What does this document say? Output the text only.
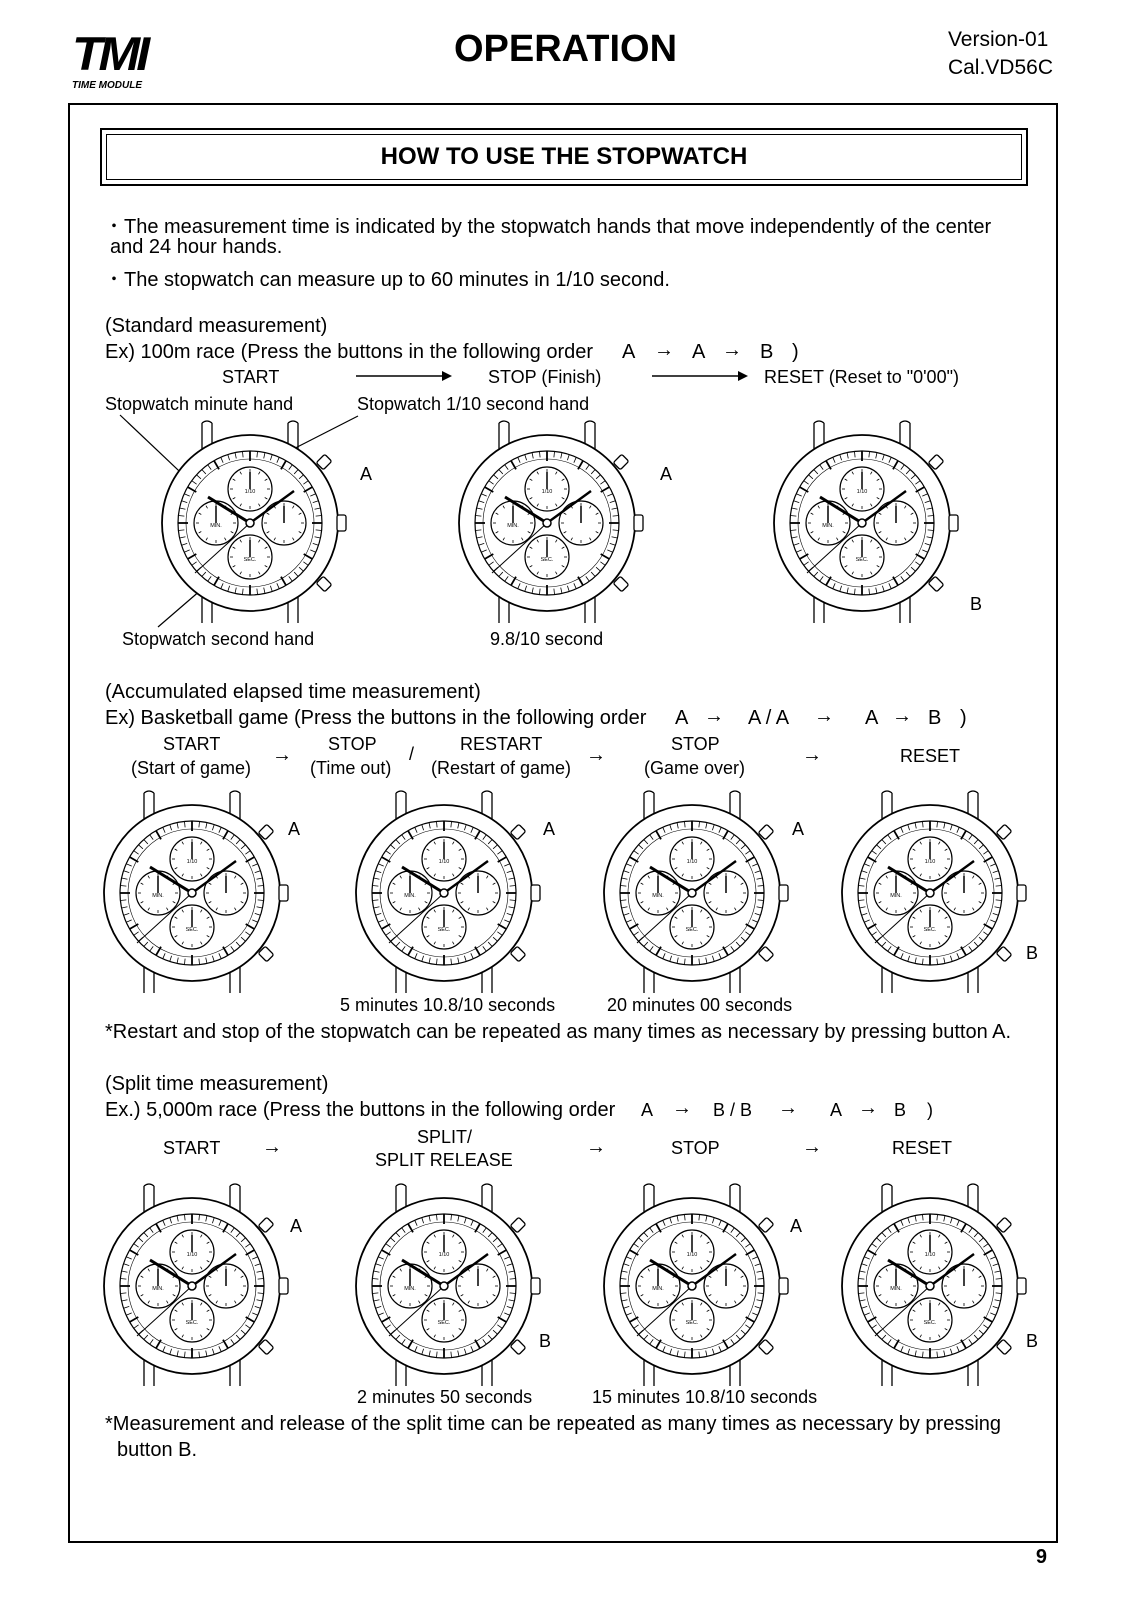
TMI
TIME MODULE
OPERATION	Version-01
Cal.VD56C
HOW TO USE THE STOPWATCH
・The measurement time is indicated by the stopwatch hands that move independently of the center
and 24 hour hands.
・The stopwatch can measure up to 60 minutes in 1/10 second.
(Standard measurement)
Ex) 100m race (Press the buttons in the following order A → A → B )
START	STOP (Finish)	RESET (Reset to "0'00")
Stopwatch minute hand	Stopwatch 1/10 second hand
1/10
MIN.
SEC.
A
1/10
MIN.
SEC.
A
1/10
MIN.
SEC.
B
Stopwatch second hand	9.8/10 second
(Accumulated elapsed time measurement)
Ex) Basketball game (Press the buttons in the following order A → A / A → A → B )
START
(Start of game)
→ STOP
(Time out)
/	RESTART
(Restart of game)
→	STOP
(Game over)
→	RESET
1/10
MIN.
SEC.
A
1/10
MIN.
SEC.
A
1/10
MIN.
SEC.
A
1/10
MIN.
SEC.
B
5 minutes 10.8/10 seconds	20 minutes 00 seconds
*Restart and stop of the stopwatch can be repeated as many times as necessary by pressing button A.
(Split time measurement)
Ex.) 5,000m race (Press the buttons in the following order A → B / B → A → B )
START →	SPLIT/
SPLIT RELEASE
→	STOP	→	RESET
1/10
MIN.
SEC.
A
1/10
MIN.
SEC.
B
1/10
MIN.
SEC.
A
1/10
MIN.
SEC.
B
2 minutes 50 seconds	15 minutes 10.8/10 seconds
*Measurement and release of the split time can be repeated as many times as necessary by pressing
button B.
9
